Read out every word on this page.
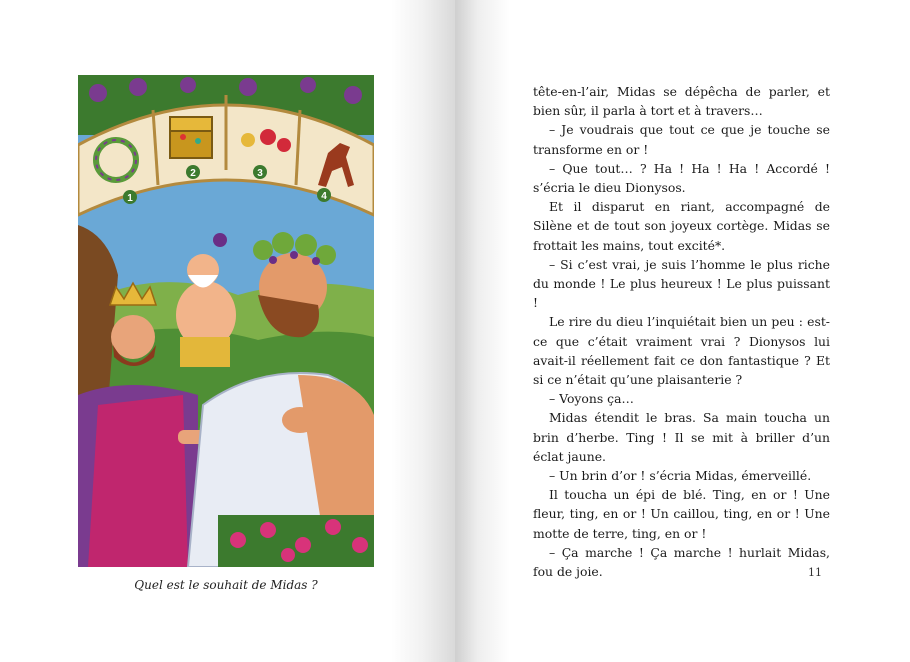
1
2	3
4
Quel est le souhait de Midas ?

tête-en-l’air, Midas se dépêcha de parler, et bien sûr, il parla à tort et à travers…

– Je voudrais que tout ce que je touche se transforme en or !

– Que tout… ? Ha ! Ha ! Ha ! Accordé ! s’écria le dieu Dionysos.

Et il disparut en riant, accompagné de Silène et de tout son joyeux cortège. Midas se frottait les mains, tout excité*.

– Si c’est vrai, je suis l’homme le plus riche du monde ! Le plus heureux ! Le plus puissant !

Le rire du dieu l’inquiétait bien un peu : est-ce que c’était vraiment vrai ? Dionysos lui avait-il réellement fait ce don fantastique ? Et si ce n’était qu’une plaisanterie ?

– Voyons ça…

Midas étendit le bras. Sa main toucha un brin d’herbe. Ting ! Il se mit à briller d’un éclat jaune.

– Un brin d’or ! s’écria Midas, émerveillé.

Il toucha un épi de blé. Ting, en or ! Une fleur, ting, en or ! Un caillou, ting, en or ! Une motte de terre, ting, en or !

– Ça marche ! Ça marche ! hurlait Midas, fou de joie.	11
